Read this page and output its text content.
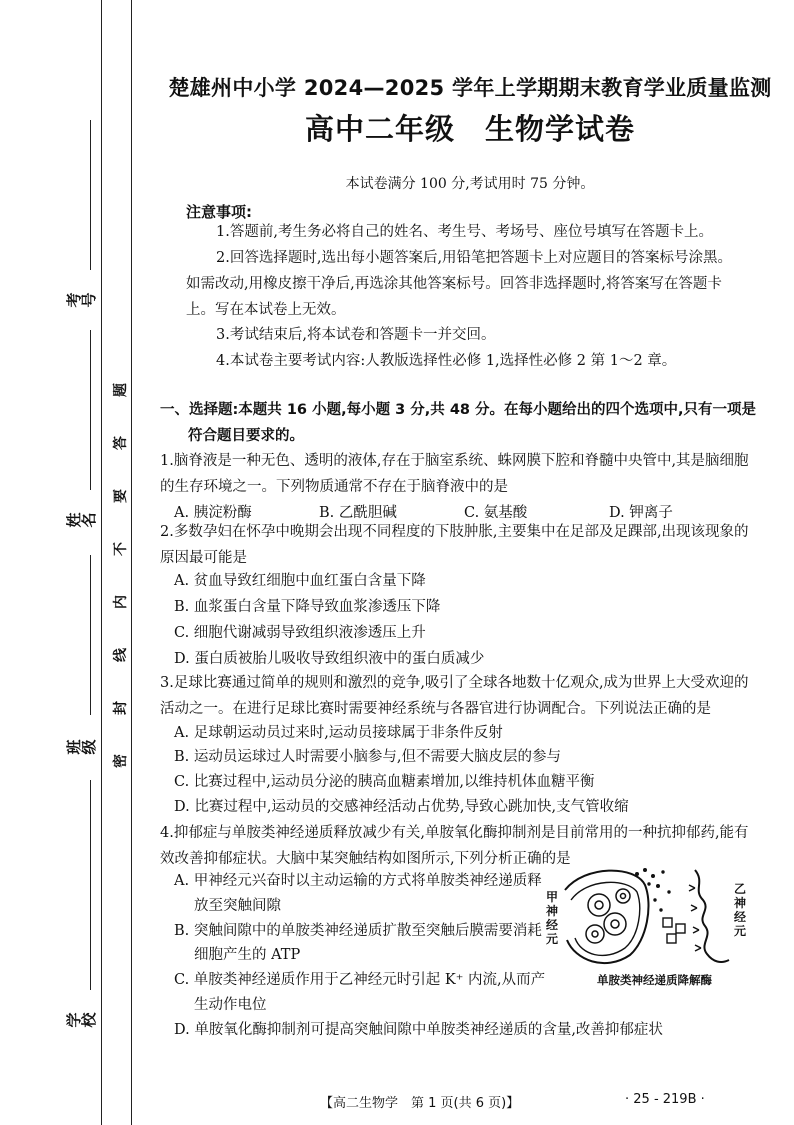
考号
姓名
班级
学校
题
答
要
不
内
线
封
密
楚雄州中小学 2024—2025 学年上学期期末教育学业质量监测
高中二年级　生物学试卷
本试卷满分 100 分,考试用时 75 分钟。
注意事项:
1.答题前,考生务必将自己的姓名、考生号、考场号、座位号填写在答题卡上。
2.回答选择题时,选出每小题答案后,用铅笔把答题卡上对应题目的答案标号涂黑。如需改动,用橡皮擦干净后,再选涂其他答案标号。回答非选择题时,将答案写在答题卡上。写在本试卷上无效。
3.考试结束后,将本试卷和答题卡一并交回。
4.本试卷主要考试内容:人教版选择性必修 1,选择性必修 2 第 1～2 章。
一、选择题:本题共 16 小题,每小题 3 分,共 48 分。在每小题给出的四个选项中,只有一项是符合题目要求的。
1.脑脊液是一种无色、透明的液体,存在于脑室系统、蛛网膜下腔和脊髓中央管中,其是脑细胞的生存环境之一。下列物质通常不存在于脑脊液中的是
A. 胰淀粉酶	B. 乙酰胆碱	C. 氨基酸	D. 钾离子
2.多数孕妇在怀孕中晚期会出现不同程度的下肢肿胀,主要集中在足部及足踝部,出现该现象的原因最可能是
A. 贫血导致红细胞中血红蛋白含量下降
B. 血浆蛋白含量下降导致血浆渗透压下降
C. 细胞代谢减弱导致组织液渗透压上升
D. 蛋白质被胎儿吸收导致组织液中的蛋白质减少
3.足球比赛通过简单的规则和激烈的竞争,吸引了全球各地数十亿观众,成为世界上大受欢迎的活动之一。在进行足球比赛时需要神经系统与各器官进行协调配合。下列说法正确的是
A. 足球朝运动员过来时,运动员接球属于非条件反射
B. 运动员运球过人时需要小脑参与,但不需要大脑皮层的参与
C. 比赛过程中,运动员分泌的胰高血糖素增加,以维持机体血糖平衡
D. 比赛过程中,运动员的交感神经活动占优势,导致心跳加快,支气管收缩
4.抑郁症与单胺类神经递质释放减少有关,单胺氧化酶抑制剂是目前常用的一种抗抑郁药,能有效改善抑郁症状。大脑中某突触结构如图所示,下列分析正确的是
A. 甲神经元兴奋时以主动运输的方式将单胺类神经递质释
放至突触间隙
B. 突触间隙中的单胺类神经递质扩散至突触后膜需要消耗
细胞产生的 ATP
C. 单胺类神经递质作用于乙神经元时引起 K⁺ 内流,从而产
生动作电位
D. 单胺氧化酶抑制剂可提高突触间隙中单胺类神经递质的含量,改善抑郁症状
甲神经元
乙神经元
单胺类神经递质降解酶
【高二生物学　第 1 页(共 6 页)】	· 25 - 219B ·
